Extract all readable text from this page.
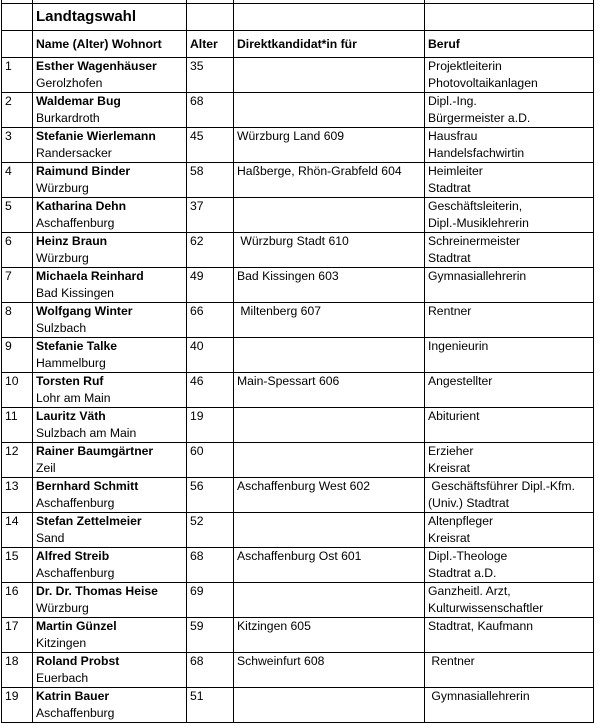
	Landtagswahl			
	Name (Alter) Wohnort	Alter	Direktkandidat*in für	Beruf
1	Esther Wagenhäuser
Gerolzhofen	35		Projektleiterin
Photovoltaikanlagen

2	Waldemar Bug
Burkardroth	68		Dipl.-Ing.
Bürgermeister a.D.

3	Stefanie Wierlemann
Randersacker	45	Würzburg Land 609	Hausfrau
Handelsfachwirtin

4	Raimund Binder
Würzburg	58	Haßberge, Rhön-Grabfeld 604	Heimleiter
Stadtrat

5	Katharina Dehn
Aschaffenburg	37		Geschäftsleiterin,
Dipl.-Musiklehrerin

6	Heinz Braun
Würzburg	62	Würzburg Stadt 610	Schreinermeister
Stadtrat

7	Michaela Reinhard
Bad Kissingen	49	Bad Kissingen 603	Gymnasiallehrerin

8	Wolfgang Winter
Sulzbach	66	Miltenberg 607	Rentner

9	Stefanie Talke
Hammelburg	40		Ingenieurin

10	Torsten Ruf
Lohr am Main	46	Main-Spessart 606	Angestellter

11	Lauritz Väth
Sulzbach am Main	19		Abiturient

12	Rainer Baumgärtner
Zeil	60		Erzieher
Kreisrat

13	Bernhard Schmitt
Aschaffenburg	56	Aschaffenburg West 602	Geschäftsführer Dipl.-Kfm.
(Univ.) Stadtrat

14	Stefan Zettelmeier
Sand	52		Altenpfleger
Kreisrat

15	Alfred Streib
Aschaffenburg	68	Aschaffenburg Ost 601	Dipl.-Theologe
Stadtrat a.D.

16	Dr. Dr. Thomas Heise
Würzburg	69		Ganzheitl. Arzt,
Kulturwissenschaftler

17	Martin Günzel
Kitzingen	59	Kitzingen 605	Stadtrat, Kaufmann

18	Roland Probst
Euerbach	68	Schweinfurt 608	Rentner

19	Katrin Bauer
Aschaffenburg	51		Gymnasiallehrerin
